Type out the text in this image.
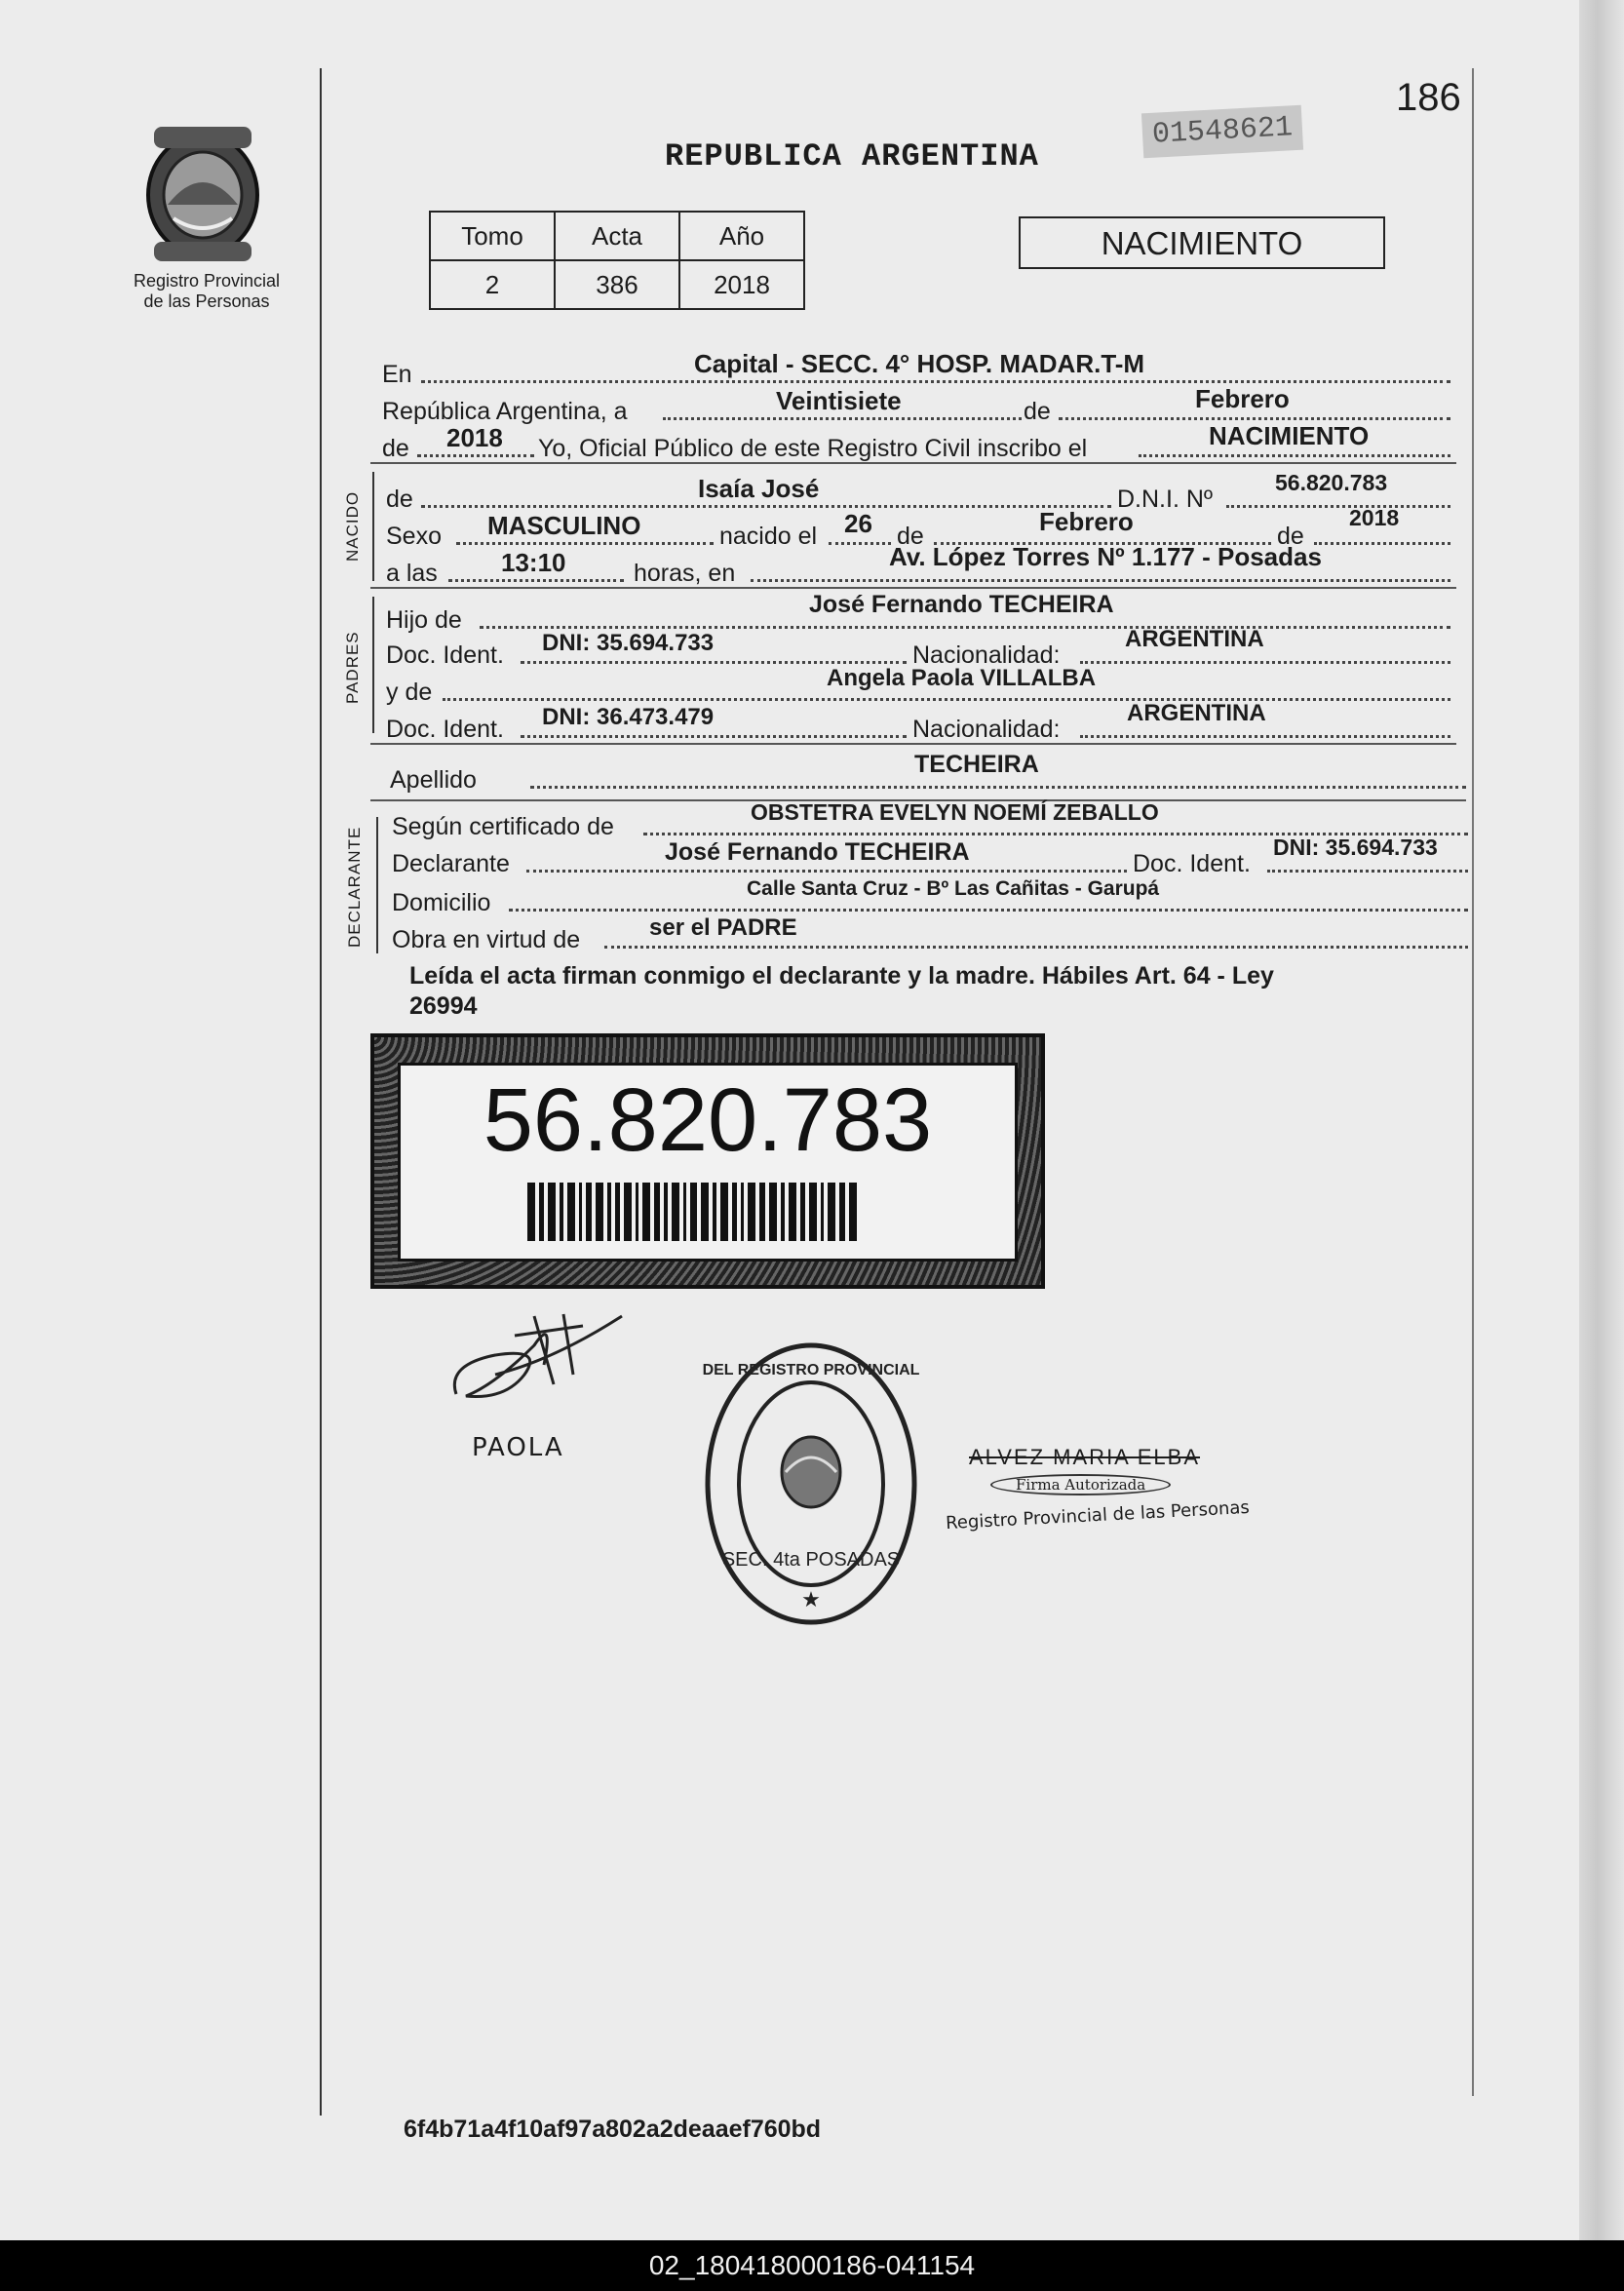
Registro Provincial
de las Personas
REPUBLICA ARGENTINA
01548621
186
Tomo	Acta	Año
2	386	2018
NACIMIENTO
En	Capital - SECC. 4° HOSP. MADAR.T-M
República Argentina, a	Veintisiete	de	Febrero
de 2018 Yo, Oficial Público de este Registro Civil inscribo el	NACIMIENTO
NACIDO de	Isaía José	D.N.I. Nº
56.820.783
Sexo MASCULINO	nacido el 26 de	Febrero	de
2018
a las	13:10	horas, en
Av. López Torres Nº 1.177 - Posadas
PADRES
Hijo de
José Fernando TECHEIRA
Doc. Ident. DNI: 35.694.733	Nacionalidad:
ARGENTINA
y de
Angela Paola VILLALBA
Doc. Ident. DNI: 36.473.479	Nacionalidad:
ARGENTINA
Apellido
TECHEIRA
DECLARANTE Según certificado de
OBSTETRA EVELYN NOEMÍ ZEBALLO
Declarante	José Fernando TECHEIRA	Doc. Ident.
DNI: 35.694.733
Domicilio
Calle Santa Cruz - Bº Las Cañitas - Garupá
Obra en virtud de	ser el PADRE
Leída el acta firman conmigo el declarante y la madre. Hábiles Art. 64 - Ley
26994
56.820.783
PAOLA
DEL REGISTRO PROVINCIAL
★
SEC. 4ta POSADAS
ALVEZ MARIA ELBA
Firma Autorizada
Registro Provincial de las Personas
6f4b71a4f10af97a802a2deaaef760bd
02_180418000186-041154
